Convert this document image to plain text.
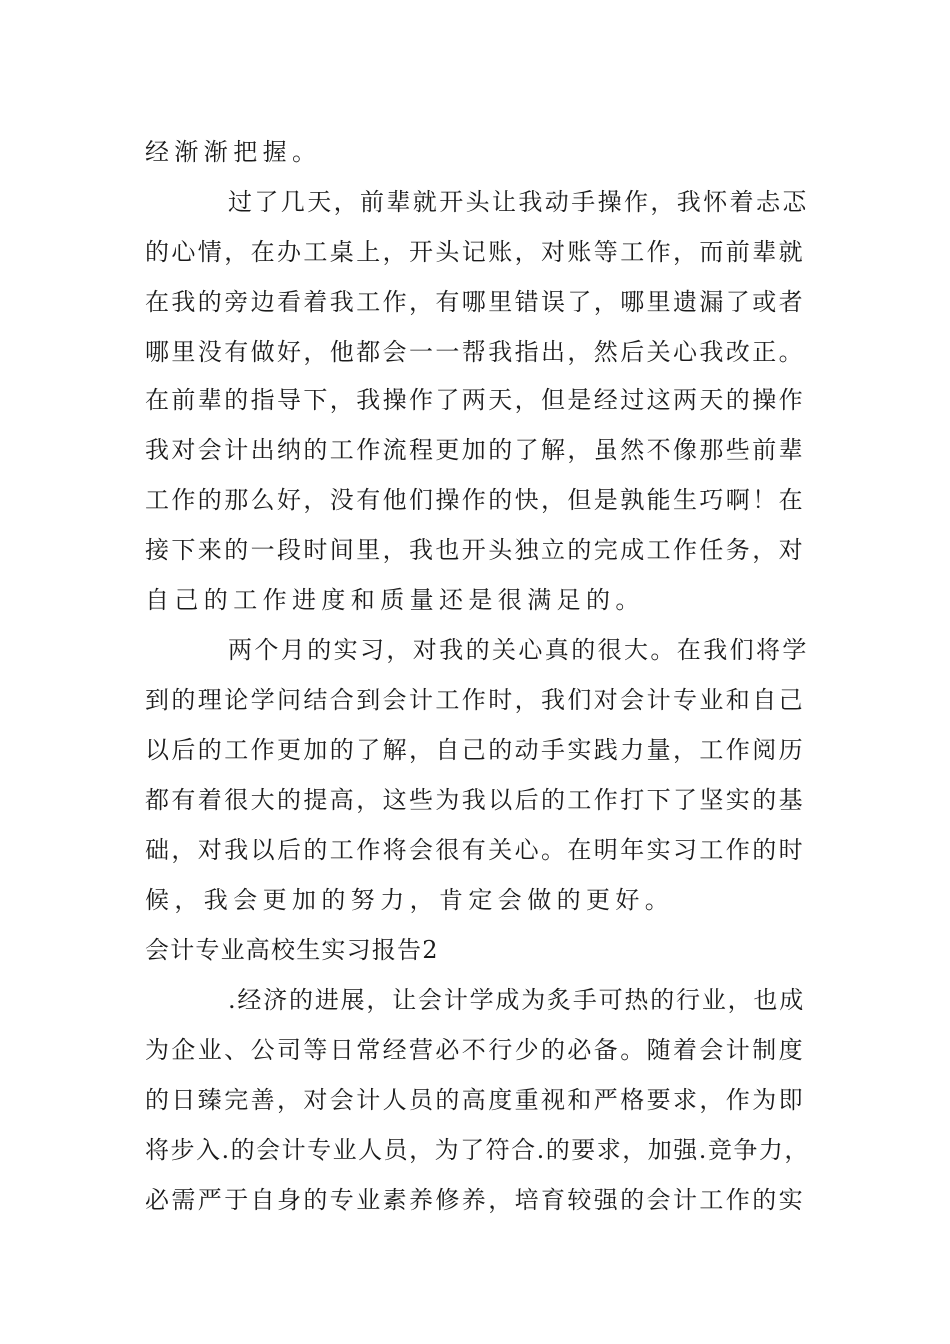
经渐渐把握。
过了几天，前辈就开头让我动手操作，我怀着忐忑
的心情，在办工桌上，开头记账，对账等工作，而前辈就
在我的旁边看着我工作，有哪里错误了，哪里遗漏了或者
哪里没有做好，他都会一一帮我指出，然后关心我改正。
在前辈的指导下，我操作了两天，但是经过这两天的操作
我对会计出纳的工作流程更加的了解，虽然不像那些前辈
工作的那么好，没有他们操作的快，但是孰能生巧啊！在
接下来的一段时间里，我也开头独立的完成工作任务，对
自己的工作进度和质量还是很满足的。
两个月的实习，对我的关心真的很大。在我们将学
到的理论学问结合到会计工作时，我们对会计专业和自己
以后的工作更加的了解，自己的动手实践力量，工作阅历
都有着很大的提高，这些为我以后的工作打下了坚实的基
础，对我以后的工作将会很有关心。在明年实习工作的时
候，我会更加的努力，肯定会做的更好。
会计专业高校生实习报告2
.经济的进展，让会计学成为炙手可热的行业，也成
为企业、公司等日常经营必不行少的必备。随着会计制度
的日臻完善，对会计人员的高度重视和严格要求，作为即
将步入.的会计专业人员，为了符合.的要求，加强.竞争力，
必需严于自身的专业素养修养，培育较强的会计工作的实
